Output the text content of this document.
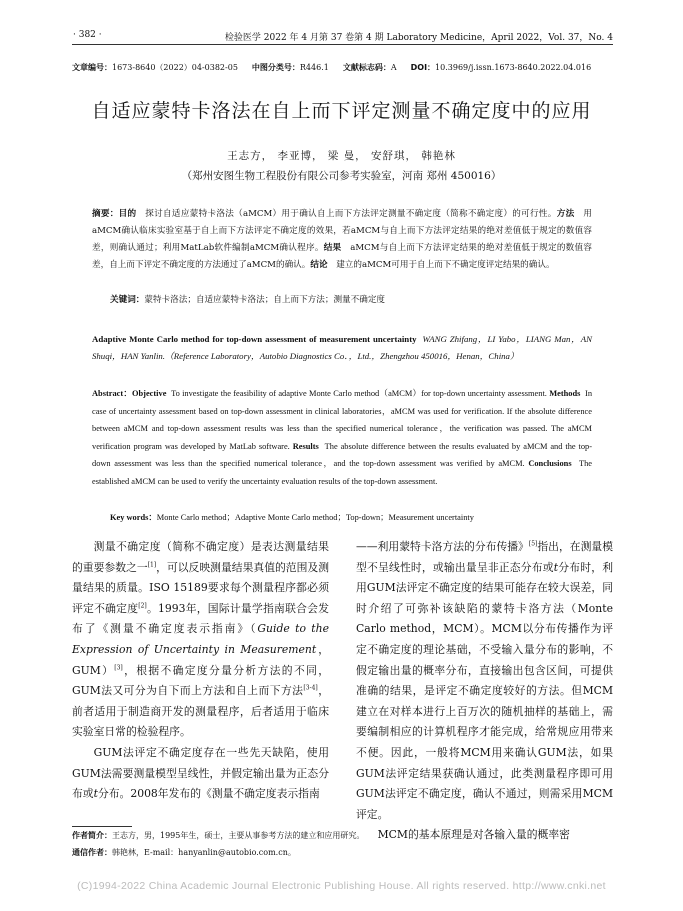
· 382 ·	检验医学 2022 年 4 月第 37 卷第 4 期 Laboratory Medicine，April 2022，Vol. 37，No. 4
文章编号：1673-8640（2022）04-0382-05 中图分类号：R446.1 文献标志码：A DOI：10.3969/j.issn.1673-8640.2022.04.016
自适应蒙特卡洛法在自上而下评定测量不确定度中的应用
王志方， 李亚博， 梁 曼， 安舒琪， 韩艳林
（郑州安图生物工程股份有限公司参考实验室，河南 郑州 450016）
摘要：目的　 探讨自适应蒙特卡洛法（aMCM）用于确认自上而下方法评定测量不确定度（简称不确定度）的可行性。方法　 用aMCM确认临床实验室基于自上而下方法评定不确定度的效果，若aMCM与自上而下方法评定结果的绝对差值低于规定的数值容差，则确认通过；利用MatLab软件编制aMCM确认程序。结果　 aMCM与自上而下方法评定结果的绝对差值低于规定的数值容差，自上而下评定不确定度的方法通过了aMCM的确认。结论　 建立的aMCM可用于自上而下不确定度评定结果的确认。
关键词：蒙特卡洛法；自适应蒙特卡洛法；自上而下方法；测量不确定度
Adaptive Monte Carlo method for top-down assessment of measurement uncertainty WANG Zhifang，LI Yabo，LIANG Man，AN Shuqi，HAN Yanlin.（Reference Laboratory，Autobio Diagnostics Co．，Ltd.，Zhengzhou 450016，Henan，China）
Abstract：Objective To investigate the feasibility of adaptive Monte Carlo method（aMCM）for top-down uncertainty assessment. Methods In case of uncertainty assessment based on top-down assessment in clinical laboratories，aMCM was used for verification. If the absolute difference between aMCM and top-down assessment results was less than the specified numerical tolerance，the verification was passed. The aMCM verification program was developed by MatLab software. Results The absolute difference between the results evaluated by aMCM and the top-down assessment was less than the specified numerical tolerance，and the top-down assessment was verified by aMCM. Conclusions The established aMCM can be used to verify the uncertainty evaluation results of the top-down assessment.
Key words：Monte Carlo method；Adaptive Monte Carlo method；Top-down；Measurement uncertainty

测量不确定度（简称不确定度）是表达测量结果的重要参数之一[1]，可以反映测量结果真值的范围及测量结果的质量。ISO 15189要求每个测量程序都必须评定不确定度[2]。1993年，国际计量学指南联合会发布了《测量不确定度表示指南》（Guide to the Expression of Uncertainty in Measurement，GUM）[3]，根据不确定度分量分析方法的不同，GUM法又可分为自下而上方法和自上而下方法[3-4]，前者适用于制造商开发的测量程序，后者适用于临床实验室日常的检验程序。

GUM法评定不确定度存在一些先天缺陷，使用GUM法需要测量模型呈线性，并假定输出量为正态分布或t分布。2008年发布的《测量不确定度表示指南

——利用蒙特卡洛方法的分布传播》[5]指出，在测量模型不呈线性时，或输出量呈非正态分布或t分布时，利用GUM法评定不确定度的结果可能存在较大误差，同时介绍了可弥补该缺陷的蒙特卡洛方法（Monte Carlo method，MCM）。MCM以分布传播作为评定不确定度的理论基础，不受输入量分布的影响，不假定输出量的概率分布，直接输出包含区间，可提供准确的结果，是评定不确定度较好的方法。但MCM建立在对样本进行上百万次的随机抽样的基础上，需要编制相应的计算机程序才能完成，给常规应用带来不便。因此，一般将MCM用来确认GUM法，如果GUM法评定结果获确认通过，此类测量程序即可用GUM法评定不确定度，确认不通过，则需采用MCM评定。

MCM的基本原理是对各输入量的概率密

作者简介：王志方，男，1995年生，硕士，主要从事参考方法的建立和应用研究。
通信作者：韩艳林，E-mail：hanyanlin@autobio.com.cn。
(C)1994-2022 China Academic Journal Electronic Publishing House. All rights reserved. http://www.cnki.net
